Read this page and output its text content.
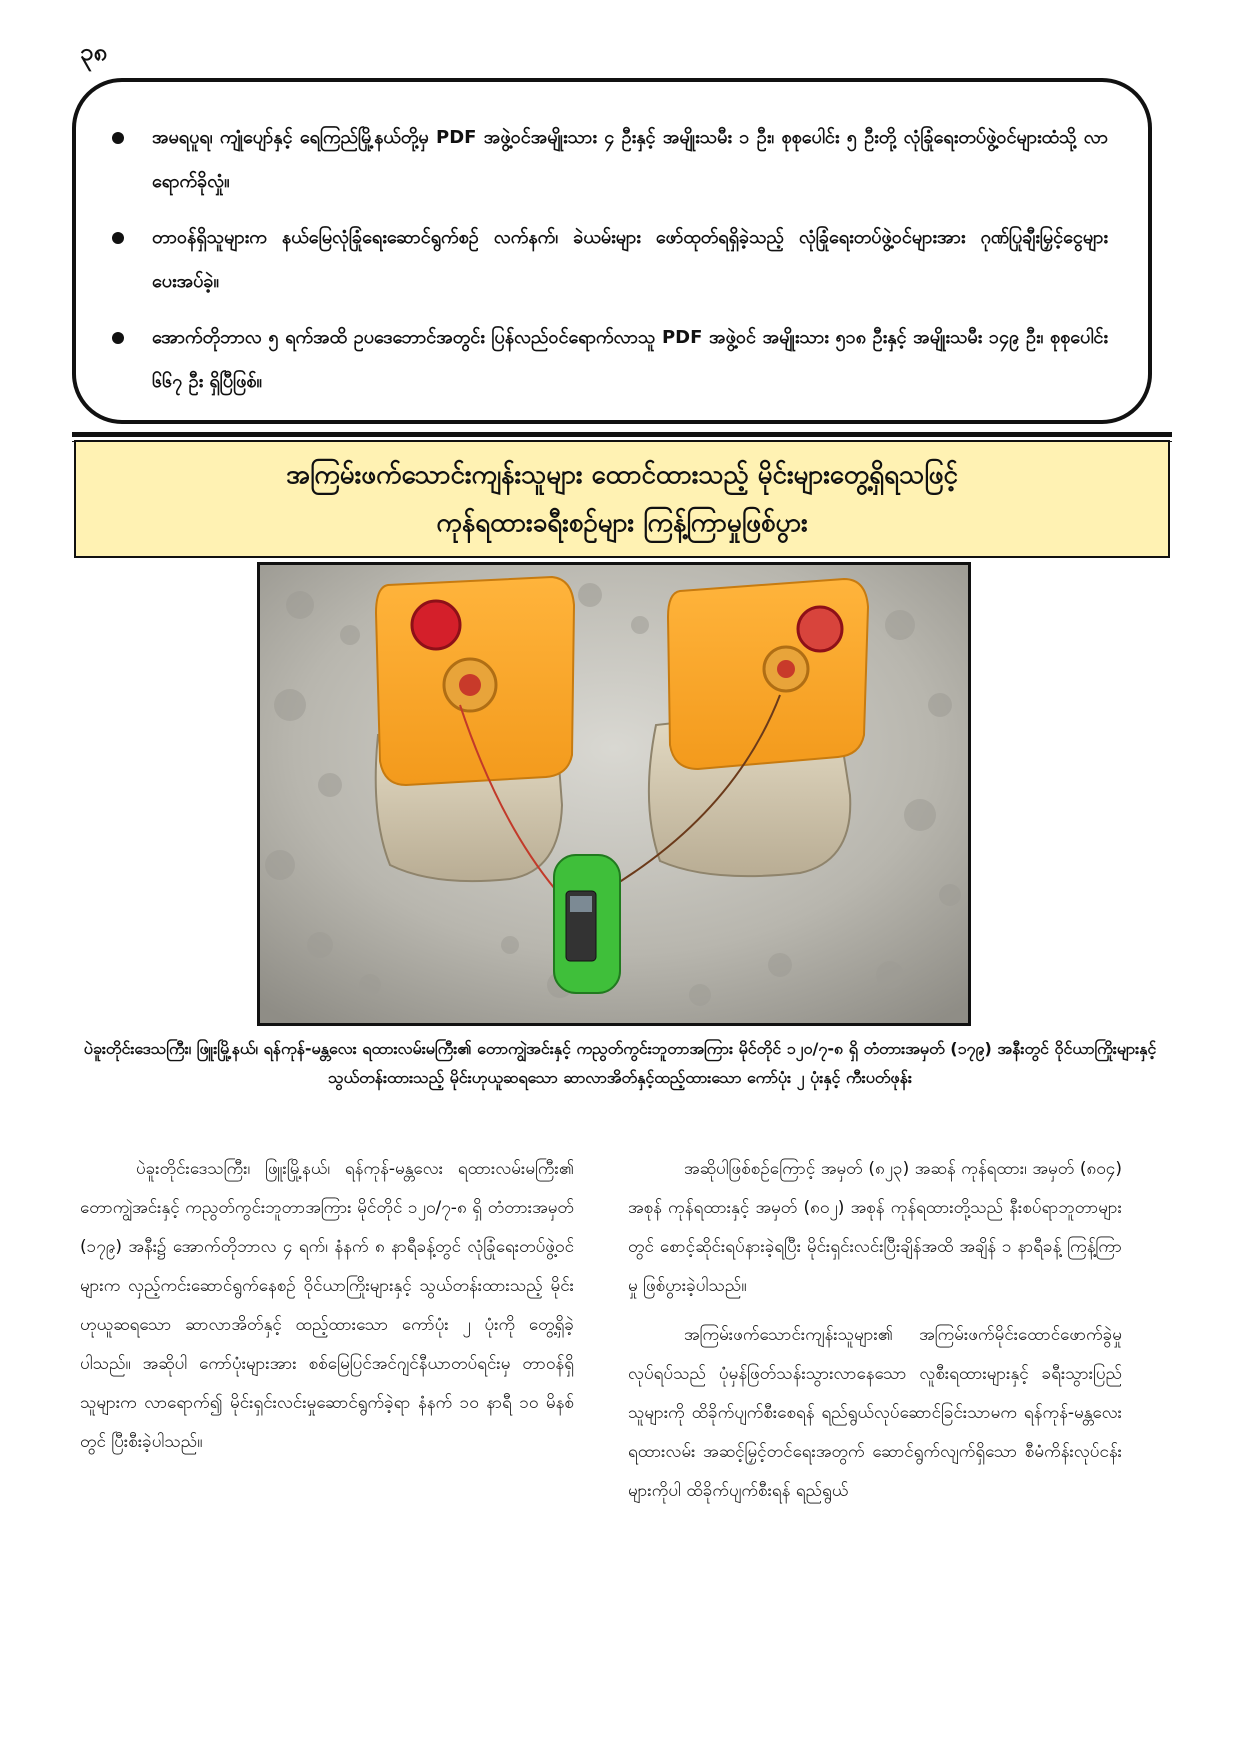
၃၈
အမရပူရ၊ ကျုံပျော်နှင့် ရေကြည်မြို့နယ်တို့မှ PDF အဖွဲ့ဝင်အမျိုးသား ၄ ဦးနှင့် အမျိုးသမီး ၁ ဦး၊ စုစုပေါင်း ၅ ဦးတို့ လုံခြုံရေးတပ်ဖွဲ့ဝင်များထံသို့ လာရောက်ခိုလှုံ။
တာဝန်ရှိသူများက နယ်မြေလုံခြုံရေးဆောင်ရွက်စဉ် လက်နက်၊ ခဲယမ်းများ ဖော်ထုတ်ရရှိခဲ့သည့် လုံခြုံရေးတပ်ဖွဲ့ဝင်များအား ဂုဏ်ပြုချီးမြှင့်ငွေများ ပေးအပ်ခဲ့။
အောက်တိုဘာလ ၅ ရက်အထိ ဥပဒေဘောင်အတွင်း ပြန်လည်ဝင်ရောက်လာသူ PDF အဖွဲ့ဝင် အမျိုးသား ၅၁၈ ဦးနှင့် အမျိုးသမီး ၁၄၉ ဦး၊ စုစုပေါင်း ၆၆၇ ဦး ရှိပြီဖြစ်။
အကြမ်းဖက်သောင်းကျန်းသူများ ထောင်ထားသည့် မိုင်းများတွေ့ရှိရသဖြင့်
ကုန်ရထားခရီးစဉ်များ ကြန့်ကြာမှုဖြစ်ပွား
ပဲခူးတိုင်းဒေသကြီး၊ ဖြူးမြို့နယ်၊ ရန်ကုန်-မန္တလေး ရထားလမ်းမကြီး၏ တောကျွဲအင်းနှင့် ကညွတ်ကွင်းဘူတာအကြား မိုင်တိုင် ၁၂၀/၇-၈ ရှိ တံတားအမှတ် (၁၇၉) အနီးတွင် ဝိုင်ယာကြိုးများနှင့် သွယ်တန်းထားသည့် မိုင်းဟုယူဆရသော ဆာလာအိတ်နှင့်ထည့်ထားသော ကော်ပုံး ၂ ပုံးနှင့် ကီးပတ်ဖုန်း

ပဲခူးတိုင်းဒေသကြီး၊ ဖြူးမြို့နယ်၊ ရန်ကုန်-မန္တလေး ရထားလမ်းမကြီး၏ တောကျွဲအင်းနှင့် ကညွတ်ကွင်းဘူတာအကြား မိုင်တိုင် ၁၂၀/၇-၈ ရှိ တံတားအမှတ် (၁၇၉) အနီး၌ အောက်တိုဘာလ ၄ ရက်၊ နံနက် ၈ နာရီခန့်တွင် လုံခြုံရေးတပ်ဖွဲ့ဝင်များက လှည့်ကင်းဆောင်ရွက်နေစဉ် ဝိုင်ယာကြိုးများနှင့် သွယ်တန်းထားသည့် မိုင်းဟုယူဆရသော ဆာလာအိတ်နှင့် ထည့်ထားသော ကော်ပုံး ၂ ပုံးကို တွေ့ရှိခဲ့ပါသည်။ အဆိုပါ ကော်ပုံးများအား စစ်မြေပြင်အင်ဂျင်နီယာတပ်ရင်းမှ တာဝန်ရှိသူများက လာရောက်၍ မိုင်းရှင်းလင်းမှုဆောင်ရွက်ခဲ့ရာ နံနက် ၁၀ နာရီ ၁၀ မိနစ်တွင် ပြီးစီးခဲ့ပါသည်။

အဆိုပါဖြစ်စဉ်ကြောင့် အမှတ် (၈၂၃) အဆန် ကုန်ရထား၊ အမှတ် (၈၀၄) အစုန် ကုန်ရထားနှင့် အမှတ် (၈၀၂) အစုန် ကုန်ရထားတို့သည် နီးစပ်ရာဘူတာများတွင် စောင့်ဆိုင်းရပ်နားခဲ့ရပြီး မိုင်းရှင်းလင်းပြီးချိန်အထိ အချိန် ၁ နာရီခန့် ကြန့်ကြာမှု ဖြစ်ပွားခဲ့ပါသည်။

အကြမ်းဖက်သောင်းကျန်းသူများ၏ အကြမ်းဖက်မိုင်းထောင်ဖောက်ခွဲမှုလုပ်ရပ်သည် ပုံမှန်ဖြတ်သန်းသွားလာနေသော လူစီးရထားများနှင့် ခရီးသွားပြည်သူများကို ထိခိုက်ပျက်စီးစေရန် ရည်ရွယ်လုပ်ဆောင်ခြင်းသာမက ရန်ကုန်-မန္တလေး ရထားလမ်း အဆင့်မြှင့်တင်ရေးအတွက် ဆောင်ရွက်လျက်ရှိသော စီမံကိန်းလုပ်ငန်းများကိုပါ ထိခိုက်ပျက်စီးရန် ရည်ရွယ်
